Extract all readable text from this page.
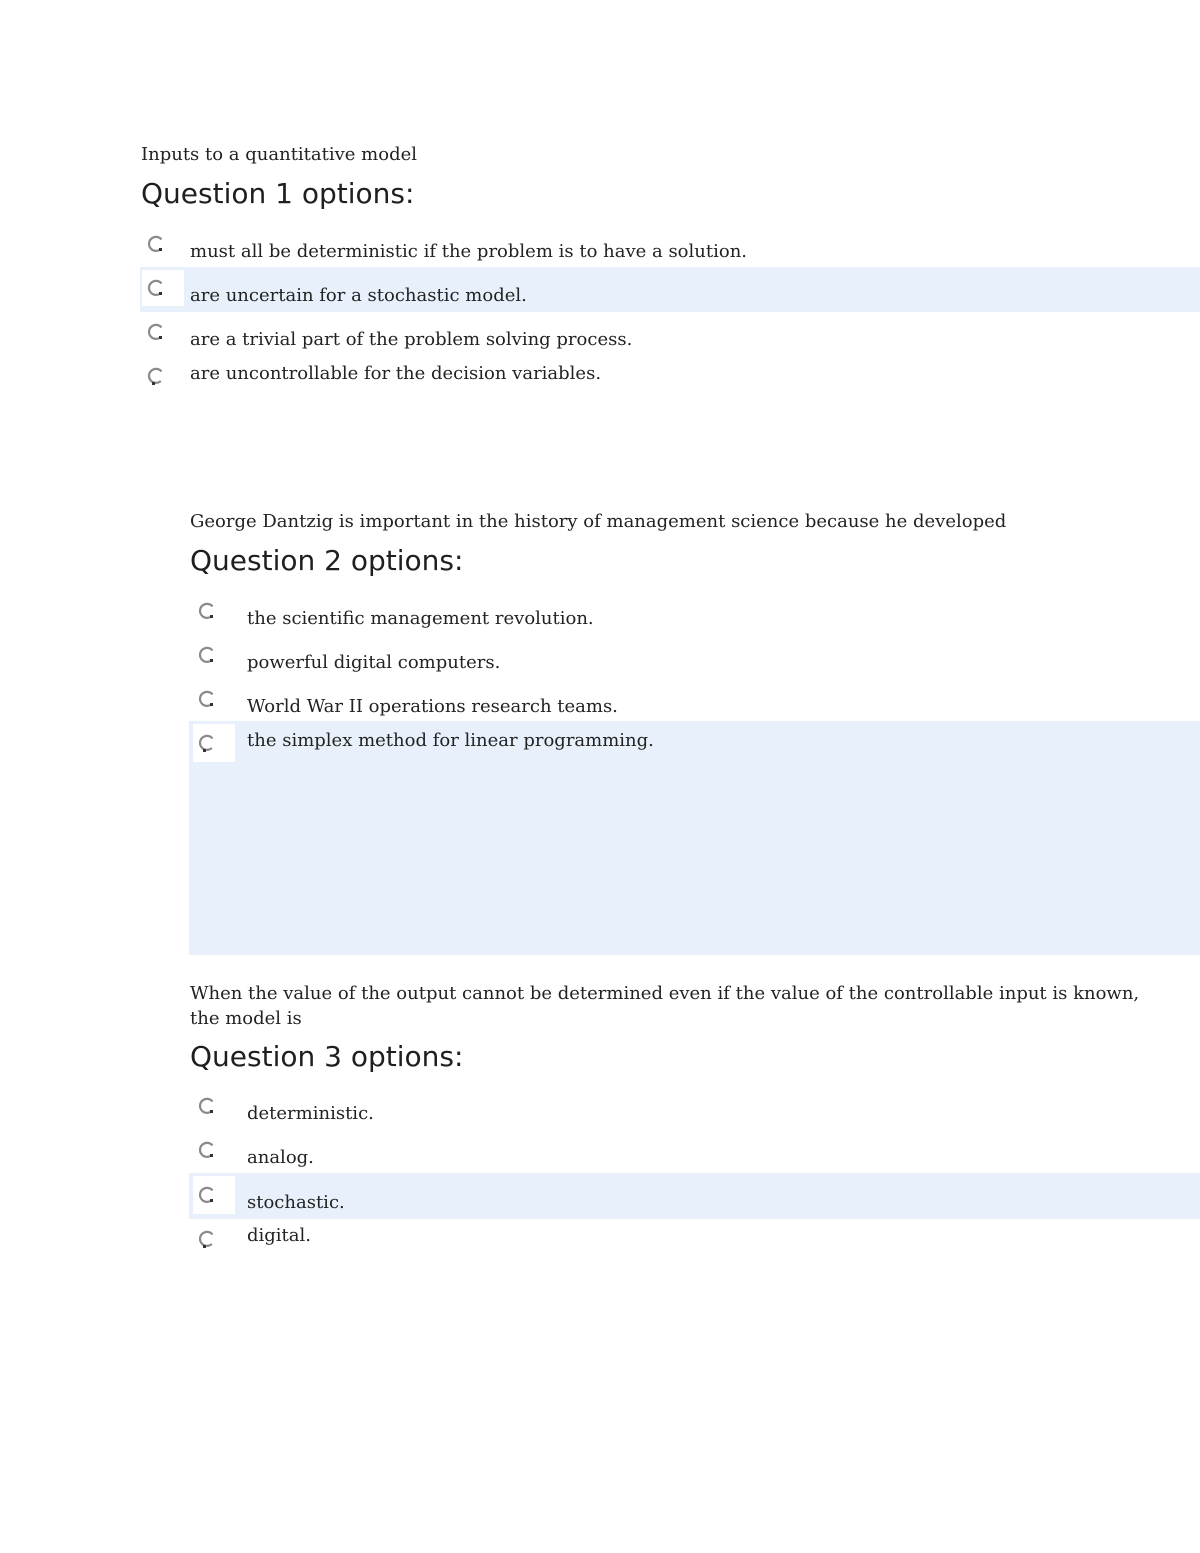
Inputs to a quantitative model

Question 1 options:
must all be deterministic if the problem is to have a solution.
are uncertain for a stochastic model.
are a trivial part of the problem solving process.
are uncontrollable for the decision variables.

George Dantzig is important in the history of management science because he developed

Question 2 options:
the scientific management revolution.
powerful digital computers.
World War II operations research teams.
the simplex method for linear programming.

When the value of the output cannot be determined even if the value of the controllable input is known, the model is

Question 3 options:
deterministic.
analog.
stochastic.
digital.
